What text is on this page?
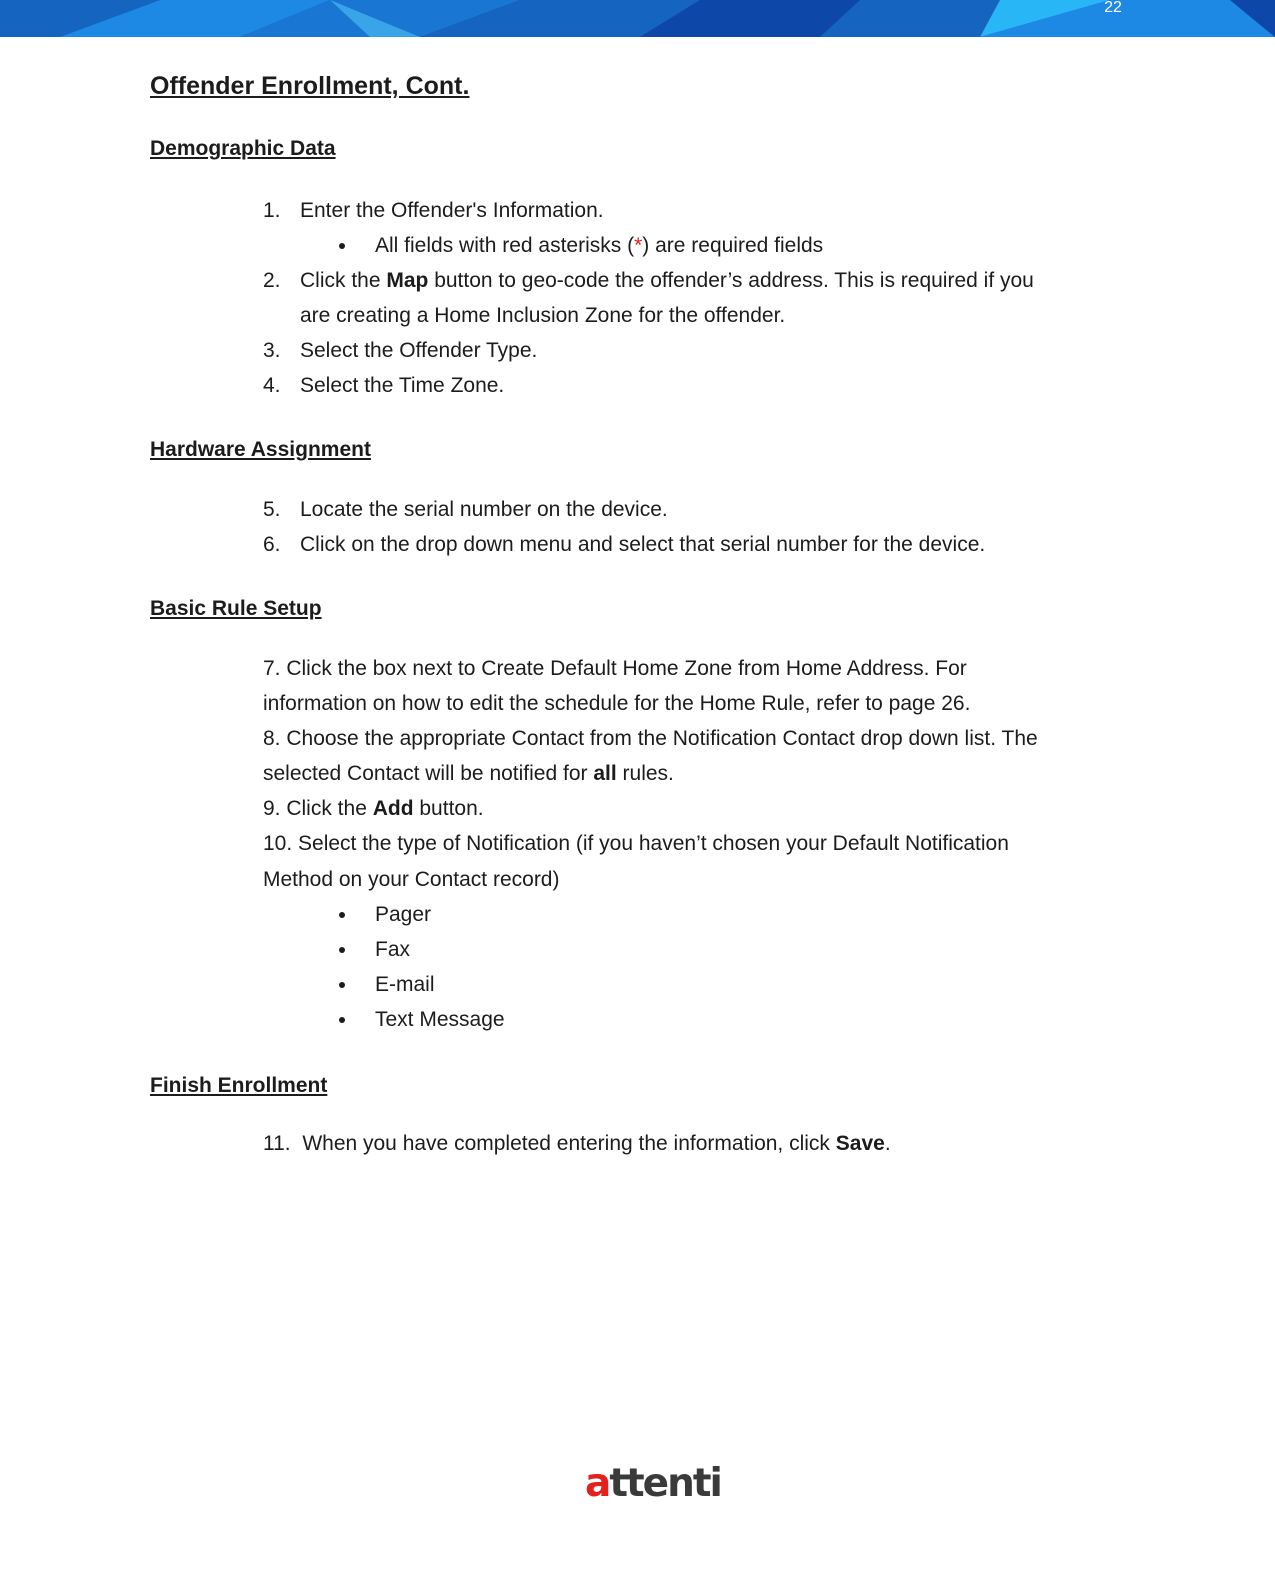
22
Offender Enrollment, Cont.
Demographic Data
1. Enter the Offender's Information.
All fields with red asterisks (*) are required fields
2. Click the Map button to geo-code the offender’s address. This is required if you
are creating a Home Inclusion Zone for the offender.
3. Select the Offender Type.
4. Select the Time Zone.
Hardware Assignment
5. Locate the serial number on the device.
6. Click on the drop down menu and select that serial number for the device.
Basic Rule Setup
7. Click the box next to Create Default Home Zone from Home Address. For
information on how to edit the schedule for the Home Rule, refer to page 26.
8. Choose the appropriate Contact from the Notification Contact drop down list. The
selected Contact will be notified for all rules.
9. Click the Add button.
10. Select the type of Notification (if you haven’t chosen your Default Notification
Method on your Contact record)
Pager
Fax
E-mail
Text Message
Finish Enrollment
11. When you have completed entering the information, click Save.
attenti
